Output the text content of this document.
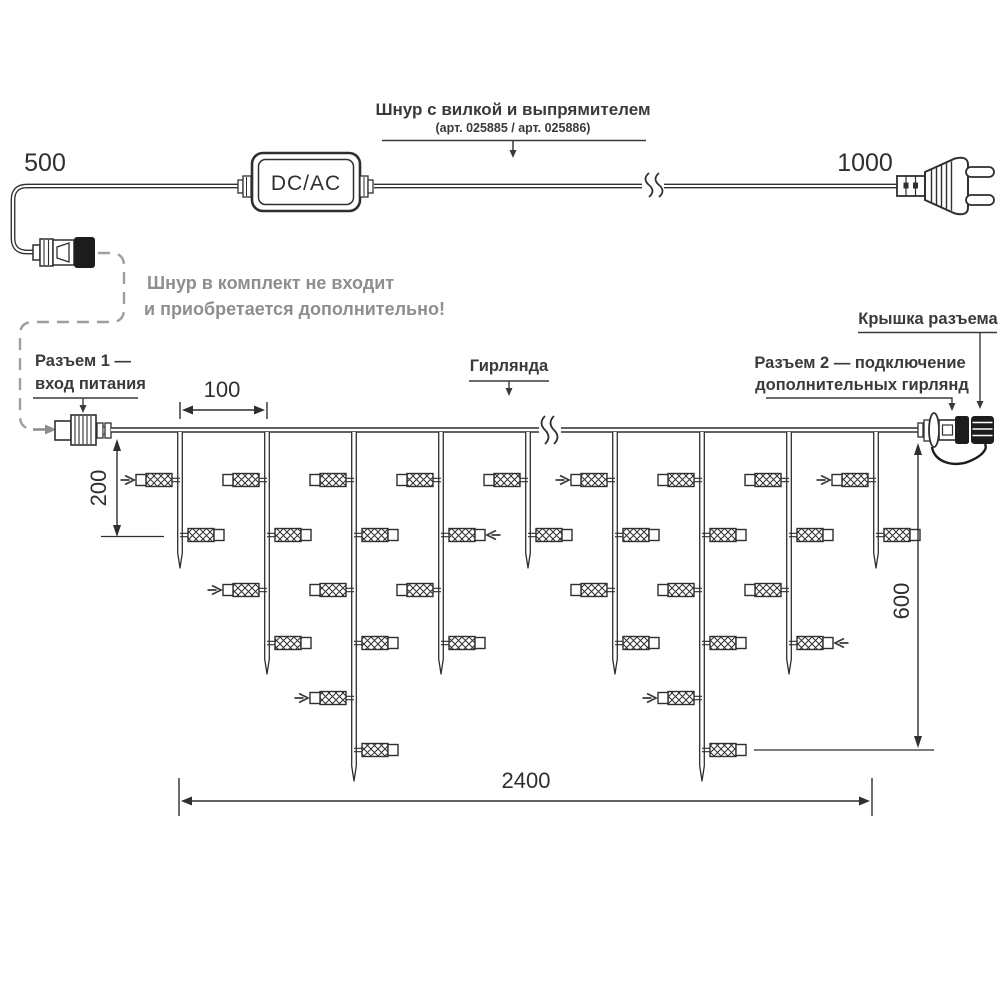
500
DC/AC
1000
Шнур с вилкой и выпрямителем
(арт. 025885 / арт. 025886)
Шнур в комплект не входит
и приобретается дополнительно!
Разъем 1 —
вход питания
Гирлянда	Разъем 2 — подключение
дополнительных гирлянд
Крышка разъема
100
200
600
2400
